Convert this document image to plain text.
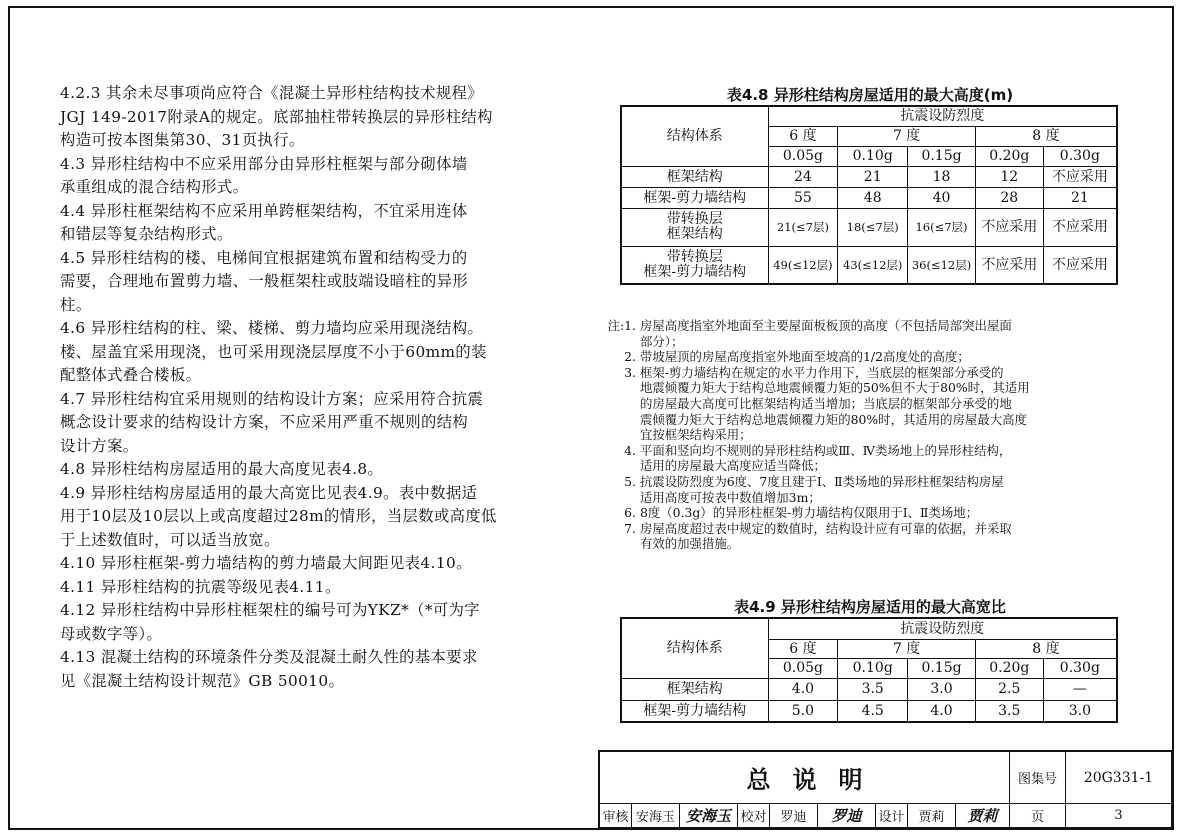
4.2.3 其余未尽事项尚应符合《混凝土异形柱结构技术规程》

JGJ 149-2017附录A的规定。底部抽柱带转换层的异形柱结构

构造可按本图集第30、31页执行。

4.3 异形柱结构中不应采用部分由异形柱框架与部分砌体墙

承重组成的混合结构形式。

4.4 异形柱框架结构不应采用单跨框架结构，不宜采用连体

和错层等复杂结构形式。

4.5 异形柱结构的楼、电梯间宜根据建筑布置和结构受力的

需要，合理地布置剪力墙、一般框架柱或肢端设暗柱的异形

柱。

4.6 异形柱结构的柱、梁、楼梯、剪力墙均应采用现浇结构。

楼、屋盖宜采用现浇，也可采用现浇层厚度不小于60mm的装

配整体式叠合楼板。

4.7 异形柱结构宜采用规则的结构设计方案；应采用符合抗震

概念设计要求的结构设计方案，不应采用严重不规则的结构

设计方案。

4.8 异形柱结构房屋适用的最大高度见表4.8。

4.9 异形柱结构房屋适用的最大高宽比见表4.9。表中数据适

用于10层及10层以上或高度超过28m的情形，当层数或高度低

于上述数值时，可以适当放宽。

4.10 异形柱框架-剪力墙结构的剪力墙最大间距见表4.10。

4.11 异形柱结构的抗震等级见表4.11。

4.12 异形柱结构中异形柱框架柱的编号可为YKZ*（*可为字

母或数字等）。

4.13 混凝土结构的环境条件分类及混凝土耐久性的基本要求

见《混凝土结构设计规范》GB 50010。

表4.8 异形柱结构房屋适用的最大高度(m)
结构体系	抗震设防烈度				
	6 度	7 度		8 度	
	0.05g	0.10g	0.15g	0.20g	0.30g
框架结构	24	21	18	12	不应采用
框架-剪力墙结构	55	48	40	28	21

带转换层
框架结构	21(≤7层)	18(≤7层)	16(≤7层)	不应采用	不应采用

带转换层
框架-剪力墙结构	49(≤12层)	43(≤12层)	36(≤12层)	不应采用	不应采用
注:1. 房屋高度指室外地面至主要屋面板板顶的高度（不包括局部突出屋面
部分）；
2. 带坡屋顶的房屋高度指室外地面至坡高的1/2高度处的高度；
3. 框架-剪力墙结构在规定的水平力作用下，当底层的框架部分承受的
地震倾覆力矩大于结构总地震倾覆力矩的50%但不大于80%时，其适用
的房屋最大高度可比框架结构适当增加；当底层的框架部分承受的地
震倾覆力矩大于结构总地震倾覆力矩的80%时，其适用的房屋最大高度
宜按框架结构采用；
4. 平面和竖向均不规则的异形柱结构或Ⅲ、Ⅳ类场地上的异形柱结构，
适用的房屋最大高度应适当降低；
5. 抗震设防烈度为6度、7度且建于Ⅰ、Ⅱ类场地的异形柱框架结构房屋
适用高度可按表中数值增加3m；
6. 8度（0.3g）的异形柱框架-剪力墙结构仅限用于Ⅰ、Ⅱ类场地；
7. 房屋高度超过表中规定的数值时，结构设计应有可靠的依据，并采取
有效的加强措施。
表4.9 异形柱结构房屋适用的最大高宽比
结构体系	抗震设防烈度				
	6 度	7 度		8 度	
	0.05g	0.10g	0.15g	0.20g	0.30g
框架结构	4.0	3.5	3.0	2.5	—
框架-剪力墙结构	5.0	4.5	4.0	3.5	3.0
总说明	图集号	20G331-1
审核 安海玉 安海玉 校对	罗迪	罗迪	设计	贾莉	贾莉	页	3
